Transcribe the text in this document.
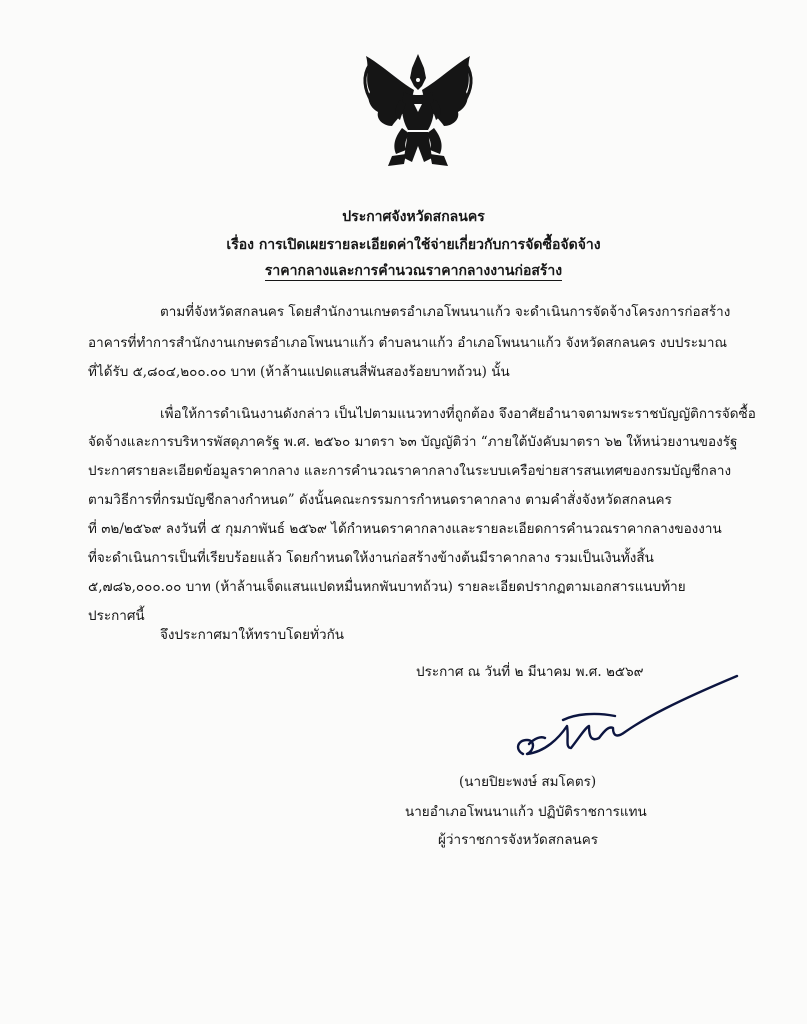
ประกาศจังหวัดสกลนคร
เรื่อง การเปิดเผยรายละเอียดค่าใช้จ่ายเกี่ยวกับการจัดซื้อจัดจ้าง
ราคากลางและการคำนวณราคากลางงานก่อสร้าง
ตามที่จังหวัดสกลนคร โดยสำนักงานเกษตรอำเภอโพนนาแก้ว จะดำเนินการจัดจ้างโครงการก่อสร้าง
อาคารที่ทำการสำนักงานเกษตรอำเภอโพนนาแก้ว ตำบลนาแก้ว อำเภอโพนนาแก้ว จังหวัดสกลนคร งบประมาณ
ที่ได้รับ ๕,๘๐๔,๒๐๐.๐๐ บาท (ห้าล้านแปดแสนสี่พันสองร้อยบาทถ้วน) นั้น
เพื่อให้การดำเนินงานดังกล่าว เป็นไปตามแนวทางที่ถูกต้อง จึงอาศัยอำนาจตามพระราชบัญญัติการจัดซื้อ
จัดจ้างและการบริหารพัสดุภาครัฐ พ.ศ. ๒๕๖๐ มาตรา ๖๓ บัญญัติว่า “ภายใต้บังคับมาตรา ๖๒ ให้หน่วยงานของรัฐ
ประกาศรายละเอียดข้อมูลราคากลาง และการคำนวณราคากลางในระบบเครือข่ายสารสนเทศของกรมบัญชีกลาง
ตามวิธีการที่กรมบัญชีกลางกำหนด” ดังนั้นคณะกรรมการกำหนดราคากลาง ตามคำสั่งจังหวัดสกลนคร
ที่ ๓๒/๒๕๖๙ ลงวันที่ ๕ กุมภาพันธ์ ๒๕๖๙ ได้กำหนดราคากลางและรายละเอียดการคำนวณราคากลางของงาน
ที่จะดำเนินการเป็นที่เรียบร้อยแล้ว โดยกำหนดให้งานก่อสร้างข้างต้นมีราคากลาง รวมเป็นเงินทั้งสิ้น
๕,๗๘๖,๐๐๐.๐๐ บาท (ห้าล้านเจ็ดแสนแปดหมื่นหกพันบาทถ้วน) รายละเอียดปรากฏตามเอกสารแนบท้าย
ประกาศนี้
จึงประกาศมาให้ทราบโดยทั่วกัน
ประกาศ ณ วันที่ ๒ มีนาคม พ.ศ. ๒๕๖๙
(นายปิยะพงษ์ สมโคตร)
นายอำเภอโพนนาแก้ว ปฏิบัติราชการแทน
ผู้ว่าราชการจังหวัดสกลนคร
